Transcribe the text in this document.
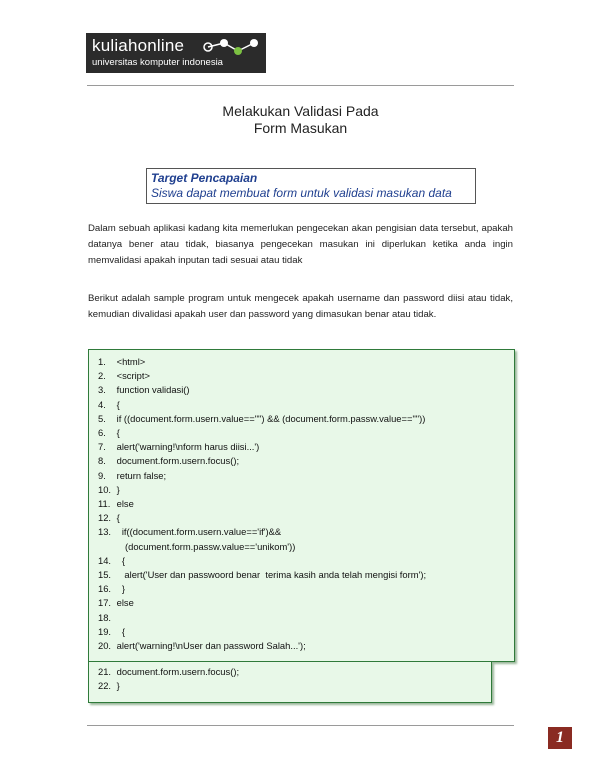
kuliahonline
universitas komputer indonesia
Melakukan Validasi Pada
Form Masukan
Target Pencapaian
Siswa dapat membuat form untuk validasi masukan data
Dalam sebuah aplikasi kadang kita memerlukan pengecekan akan pengisian data tersebut, apakah datanya bener atau tidak, biasanya pengecekan masukan ini diperlukan ketika anda ingin memvalidasi apakah inputan tadi sesuai atau tidak
Berikut adalah sample program untuk mengecek apakah username dan password diisi atau tidak, kemudian divalidasi apakah user dan password yang dimasukan benar atau tidak.
1. <html>
2. <script>
3. function validasi()
4. {
5. if ((document.form.usern.value=="") && (document.form.passw.value==""))
6. {
7. alert('warning!\nform harus diisi...')
8. document.form.usern.focus();
9. return false;
10. }
11. else
12. {
13.   if((document.form.usern.value=='if')&&
(document.form.passw.value=='unikom'))
14.   {
15.    alert('User dan passwoord benar  terima kasih anda telah mengisi form');
16.   }
17. else
18.
19.   {
20. alert('warning!\nUser dan password Salah...');
21. document.form.usern.focus();
22. }
1
